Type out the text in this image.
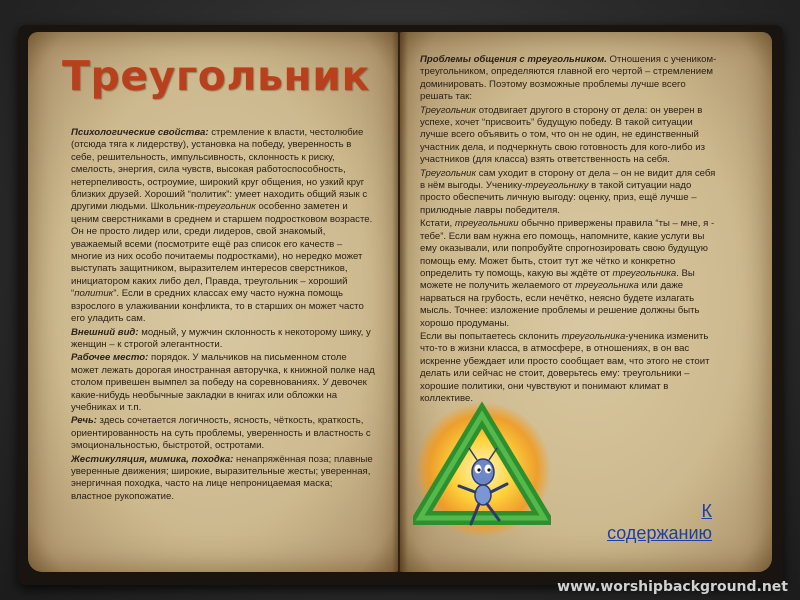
Треугольник

Психологические свойства: стремление к власти, честолюбие (отсюда тяга к лидерству), установка на победу, уверенность в себе, решительность, импульсивность, склонность к риску, смелость, энергия, сила чувств, высокая работоспособность, нетерпеливость, остроумие, широкий круг общения, но узкий круг близких друзей. Хороший “политик”: умеет находить общий язык с другими людьми. Школьник-треугольник особенно заметен и ценим сверстниками в среднем и старшем подростковом возрасте. Он не просто лидер или, среди лидеров, свой знакомый, уважаемый всеми (посмотрите ещё раз список его качеств – многие из них особо почитаемы подростками), но нередко может выступать защитником, выразителем интересов сверстников, инициатором каких либо дел, Правда, треугольник – хороший “политик”. Если в средних классах ему часто нужна помощь взрослого в улаживании конфликта, то в старших он может часто его уладить сам.

Внешний вид: модный, у мужчин склонность к некоторому шику, у женщин – к строгой элегантности.

Рабочее место: порядок. У мальчиков на письменном столе может лежать дорогая иностранная авторучка, к книжной полке над столом привешен вымпел за победу на соревнованиях. У девочек какие-нибудь необычные закладки в книгах или обложки на учебниках и т.п.

Речь: здесь сочетается логичность, ясность, чёткость, краткость, ориентированность на суть проблемы, уверенность и властность с эмоциональностью, быстротой, остротами.

Жестикуляция, мимика, походка: ненапряжённая поза; плавные уверенные движения; широкие, выразительные жесты; уверенная, энергичная походка, часто на лице непроницаемая маска; властное рукопожатие.

Проблемы общения с треугольником. Отношения с учеником- треугольником, определяются главной его чертой – стремлением доминировать. Поэтому возможные проблемы лучше всего решать так:

Треугольник отодвигает другого в сторону от дела: он уверен в успехе, хочет “присвоить” будущую победу. В такой ситуации лучше всего объявить о том, что он не один, не единственный участник дела, и подчеркнуть свою готовность для кого-либо из участников (для класса) взять ответственность на себя.

Треугольник сам уходит в сторону от дела – он не видит для себя в нём выгоды. Ученику-треугольнику в такой ситуации надо просто обеспечить личную выгоду: оценку, приз, ещё лучше – прилюдные лавры победителя.

Кстати, треугольники обычно привержены правила “ты – мне, я - тебе”. Если вам нужна его помощь, напомните, какие услуги вы ему оказывали, или попробуйте спрогнозировать свою будущую помощь ему. Может быть, стоит тут же чётко и конкретно определить ту помощь, какую вы ждёте от треугольника. Вы можете не получить желаемого от треугольника или даже нарваться на грубость, если нечётко, неясно будете излагать мысль. Точнее: изложение проблемы и решение должны быть хорошо продуманы.

Если вы попытаетесь склонить треугольника-ученика изменить что-то в жизни класса, в атмосфере, в отношениях, в он вас искренне убеждает или просто сообщает вам, что этого не стоит делать или сейчас не стоит, доверьтесь ему: треугольники – хорошие политики, они чувствуют и понимают климат в коллективе.

К
содержанию
www.worshipbackground.net
